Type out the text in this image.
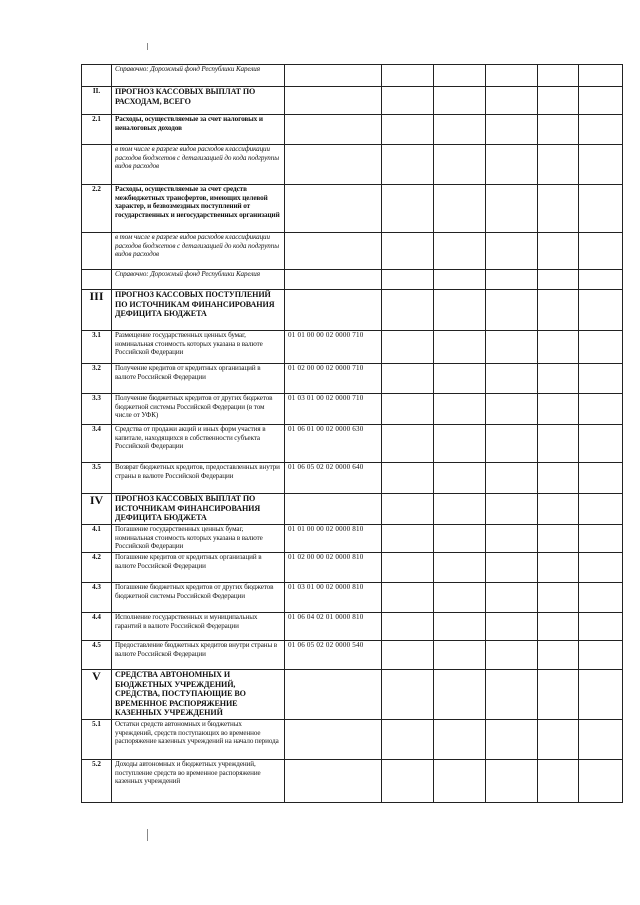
	Справочно: Дорожный фонд Республики Карелия						
II.	ПРОГНОЗ КАССОВЫХ ВЫПЛАТ ПО РАСХОДАМ, ВСЕГО						
2.1	Расходы, осуществляемые за счет налоговых и неналоговых доходов						
	в том числе в разрезе видов расходов классификации расходов бюджетов с детализацией до кода подгруппы видов расходов						
2.2	Расходы, осуществляемые за счет средств межбюджетных трансфертов, имеющих целевой характер, и безвозмездных поступлений от государственных и негосударственных организаций						
	в том числе в разрезе видов расходов классификации расходов бюджетов с детализацией до кода подгруппы видов расходов						
	Справочно: Дорожный фонд Республики Карелия						
III	ПРОГНОЗ КАССОВЫХ ПОСТУПЛЕНИЙ ПО ИСТОЧНИКАМ ФИНАНСИРОВАНИЯ ДЕФИЦИТА БЮДЖЕТА						
3.1	Размещение государственных ценных бумаг, номинальная стоимость которых указана в валюте Российской Федерации	01 01 00 00 02 0000 710					
3.2	Получение кредитов от кредитных организаций в валюте Российской Федерации	01 02 00 00 02 0000 710					
3.3	Получение бюджетных кредитов от других бюджетов бюджетной системы Российской Федерации (в том числе от УФК)	01 03 01 00 02 0000 710					
3.4	Средства от продажи акций и иных форм участия в капитале, находящихся в собственности субъекта Российской Федерации	01 06 01 00 02 0000 630					
3.5	Возврат бюджетных кредитов, предоставленных внутри страны в валюте Российской Федерации	01 06 05 02 02 0000 640					
IV	ПРОГНОЗ КАССОВЫХ ВЫПЛАТ ПО ИСТОЧНИКАМ ФИНАНСИРОВАНИЯ ДЕФИЦИТА БЮДЖЕТА						
4.1	Погашение государственных ценных бумаг, номинальная стоимость которых указана в валюте Российской Федерации	01 01 00 00 02 0000 810					
4.2	Погашение кредитов от кредитных организаций в валюте Российской Федерации	01 02 00 00 02 0000 810					
4.3	Погашение бюджетных кредитов от других бюджетов бюджетной системы Российской Федерации	01 03 01 00 02 0000 810					
4.4	Исполнение государственных и муниципальных гарантий в валюте Российской Федерации	01 06 04 02 01 0000 810					
4.5	Предоставление бюджетных кредитов внутри страны в валюте Российской Федерации	01 06 05 02 02 0000 540					
V	СРЕДСТВА АВТОНОМНЫХ И БЮДЖЕТНЫХ УЧРЕЖДЕНИЙ, СРЕДСТВА, ПОСТУПАЮЩИЕ ВО ВРЕМЕННОЕ РАСПОРЯЖЕНИЕ КАЗЕННЫХ УЧРЕЖДЕНИЙ						
5.1	Остатки средств автономных и бюджетных учреждений, средств поступающих во временное распоряжение казенных учреждений на начало периода						
5.2	Доходы автономных и бюджетных учреждений, поступление средств во временное распоряжение казенных учреждений						
